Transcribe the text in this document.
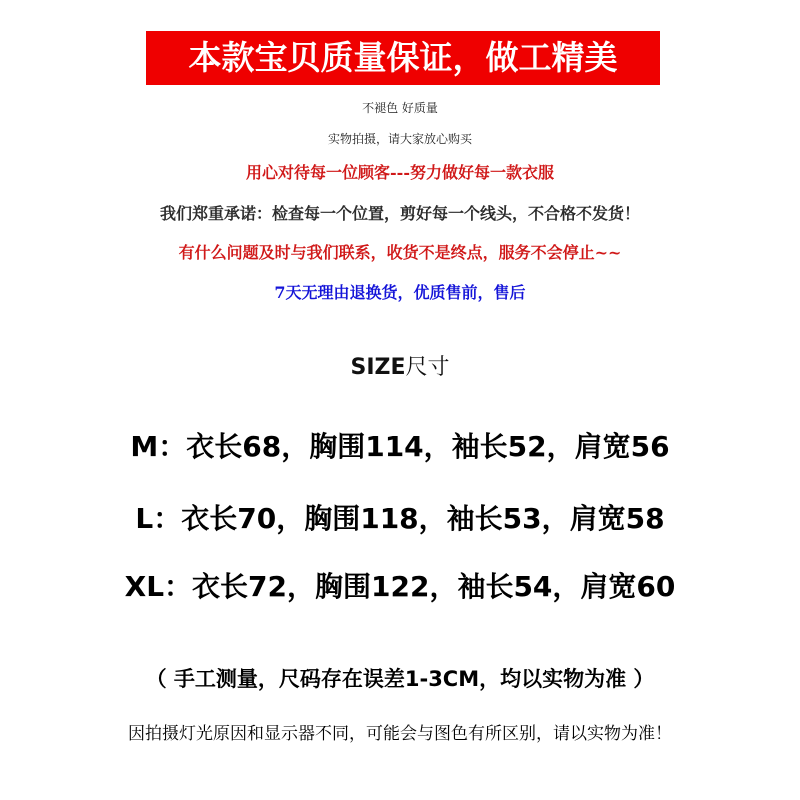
本款宝贝质量保证，做工精美
不褪色 好质量
实物拍摄，请大家放心购买
用心对待每一位顾客---努力做好每一款衣服
我们郑重承诺：检查每一个位置，剪好每一个线头，不合格不发货！
有什么问题及时与我们联系，收货不是终点，服务不会停止~~
7天无理由退换货，优质售前，售后
SIZE尺寸
M：衣长68，胸围114，袖长52，肩宽56
L：衣长70，胸围118，袖长53，肩宽58
XL：衣长72，胸围122，袖长54，肩宽60
（ 手工测量，尺码存在误差1-3CM，均以实物为准 ）
因拍摄灯光原因和显示器不同，可能会与图色有所区别，请以实物为准！
